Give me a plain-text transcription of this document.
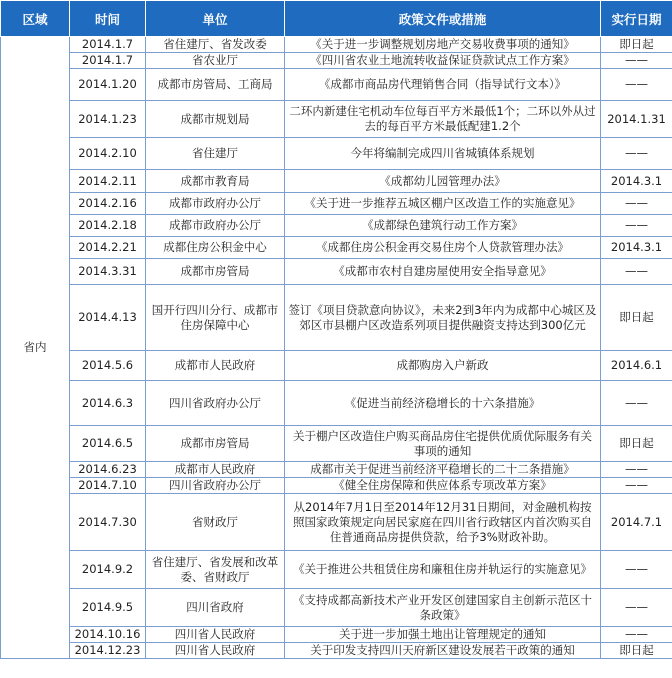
区域	时间	单位	政策文件或措施	实行日期
省内	2014.1.7	省住建厅、省发改委	《关于进一步调整规划房地产交易收费事项的通知》	即日起
	2014.1.7	省农业厅	《四川省农业土地流转收益保证贷款试点工作方案》	——
	2014.1.20	成都市房管局、工商局	《成都市商品房代理销售合同（指导试行文本）》	——
	2014.1.23	成都市规划局	二环内新建住宅机动车位每百平方米最低1个；二环以外从过去的每百平方米最低配建1.2个	2014.1.31
	2014.2.10	省住建厅	今年将编制完成四川省城镇体系规划	——
	2014.2.11	成都市教育局	《成都幼儿园管理办法》	2014.3.1
	2014.2.16	成都市政府办公厅	《关于进一步推荐五城区棚户区改造工作的实施意见》	——
	2014.2.18	成都市政府办公厅	《成都绿色建筑行动工作方案》	——
	2014.2.21	成都住房公积金中心	《成都住房公积金再交易住房个人贷款管理办法》	2014.3.1
	2014.3.31	成都市房管局	《成都市农村自建房屋使用安全指导意见》	——
	2014.4.13	国开行四川分行、成都市住房保障中心	签订《项目贷款意向协议》，未来2到3年内为成都中心城区及郊区市县棚户区改造系列项目提供融资支持达到300亿元	即日起
	2014.5.6	成都市人民政府	成都购房入户新政	2014.6.1
	2014.6.3	四川省政府办公厅	《促进当前经济稳增长的十六条措施》	——
	2014.6.5	成都市房管局	关于棚户区改造住户购买商品房住宅提供优质优际服务有关事项的通知	即日起
	2014.6.23	成都市人民政府	成都市关于促进当前经济平稳增长的二十二条措施》	——
	2014.7.10	四川省政府办公厅	《健全住房保障和供应体系专项改革方案》	——
	2014.7.30	省财政厅	从2014年7月1日至2014年12月31日期间，对金融机构按照国家政策规定向居民家庭在四川省行政辖区内首次购买自住普通商品房提供贷款，给予3%财政补助。	2014.7.1
	2014.9.2	省住建厅、省发展和改革委、省财政厅	《关于推进公共租赁住房和廉租住房并轨运行的实施意见》	——
	2014.9.5	四川省政府	《支持成都高新技术产业开发区创建国家自主创新示范区十条政策》	——
	2014.10.16	四川省人民政府	关于进一步加强土地出让管理规定的通知	——
	2014.12.23	四川省人民政府	关于印发支持四川天府新区建设发展若干政策的通知	即日起
